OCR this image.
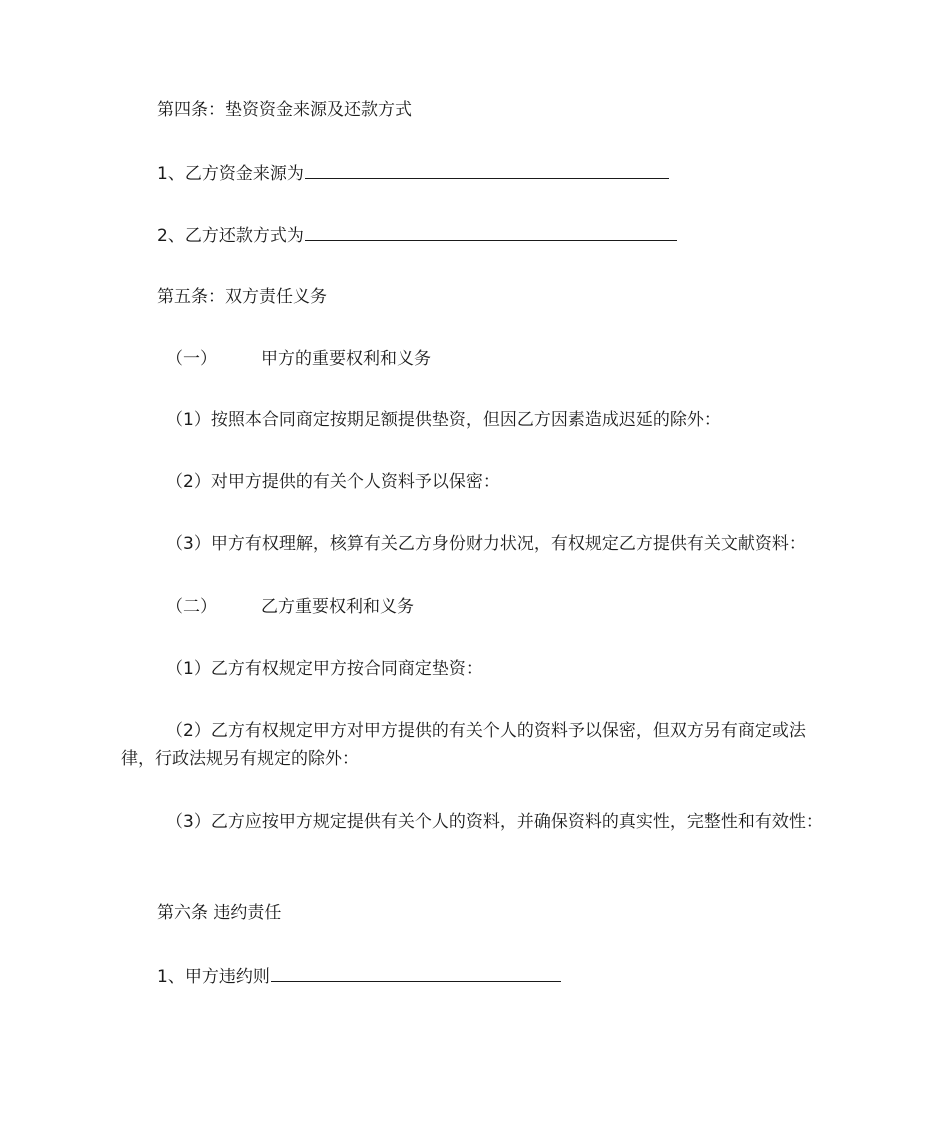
第四条：垫资资金来源及还款方式
1、乙方资金来源为
2、乙方还款方式为
第五条：双方责任义务
（一）	甲方的重要权利和义务
（1）按照本合同商定按期足额提供垫资，但因乙方因素造成迟延的除外：
（2）对甲方提供的有关个人资料予以保密：
（3）甲方有权理解，核算有关乙方身份财力状况，有权规定乙方提供有关文献资料：
（二）	乙方重要权利和义务
（1）乙方有权规定甲方按合同商定垫资：
（2）乙方有权规定甲方对甲方提供的有关个人的资料予以保密，但双方另有商定或法律，行政法规另有规定的除外：
（3）乙方应按甲方规定提供有关个人的资料，并确保资料的真实性，完整性和有效性：
第六条 违约责任
1、甲方违约则
